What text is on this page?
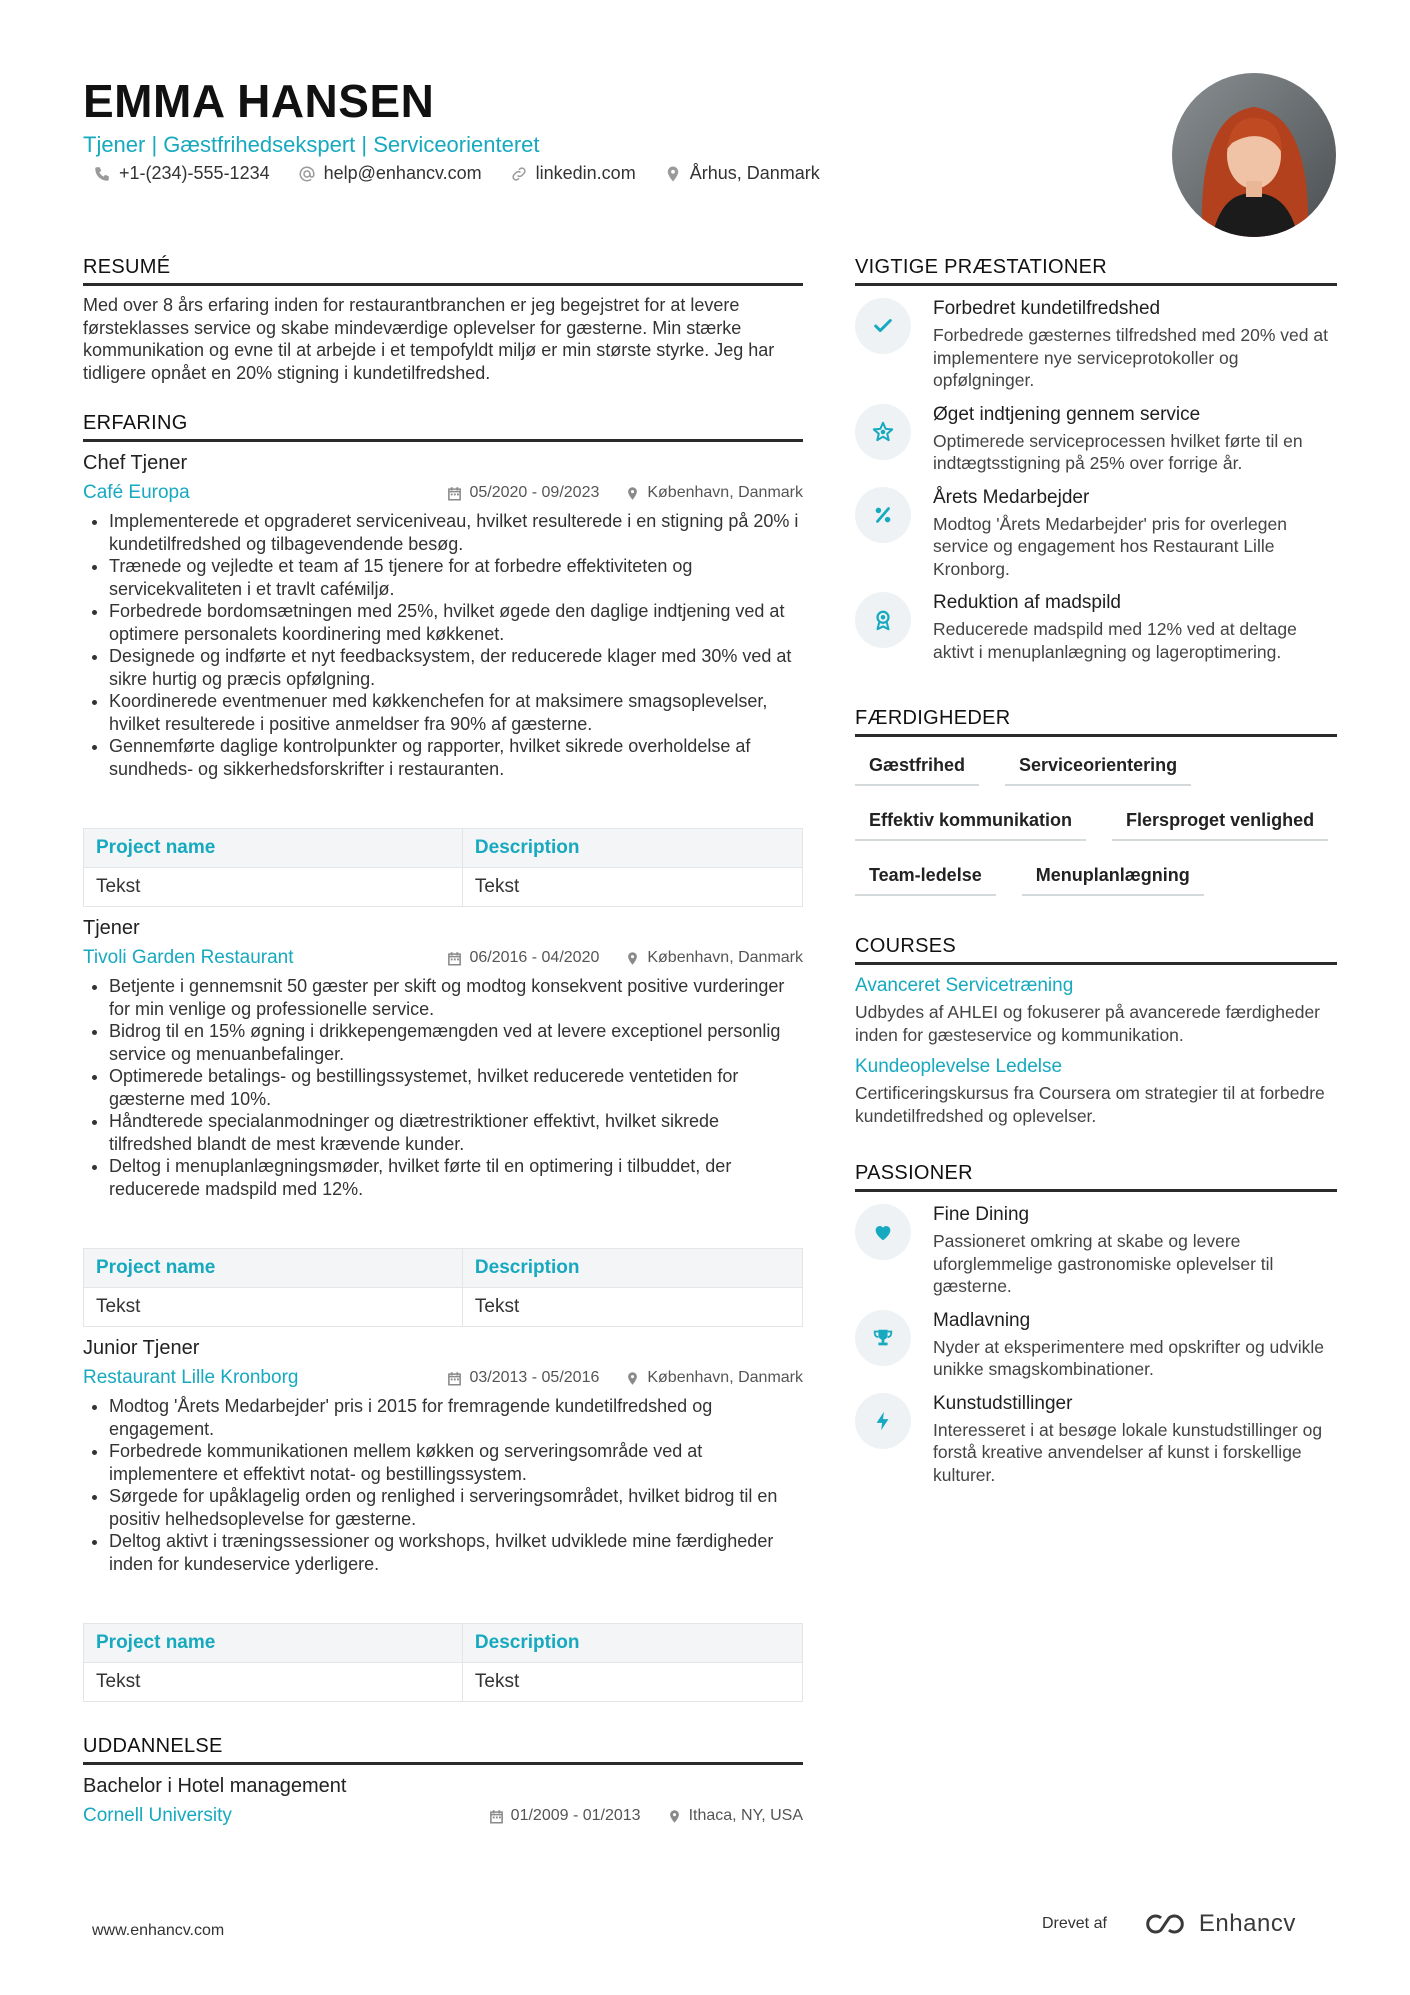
EMMA HANSEN
Tjener | Gæstfrihedsekspert | Serviceorienteret
+1-(234)-555-1234	help@enhancv.com	linkedin.com	Århus, Danmark
RESUMÉ
Med over 8 års erfaring inden for restaurantbranchen er jeg begejstret for at levere førsteklasses service og skabe mindeværdige oplevelser for gæsterne. Min stærke kommunikation og evne til at arbejde i et tempofyldt miljø er min største styrke. Jeg har tidligere opnået en 20% stigning i kundetilfredshed.
ERFARING
Chef Tjener
Café Europa	05/2020 - 09/2023	København, Danmark
• Implementerede et opgraderet serviceniveau, hvilket resulterede i en stigning på 20% i kundetilfredshed og tilbagevendende besøg.
• Trænede og vejledte et team af 15 tjenere for at forbedre effektiviteten og servicekvaliteten i et travlt caféмiljø.
• Forbedrede bordomsætningen med 25%, hvilket øgede den daglige indtjening ved at optimere personalets koordinering med køkkenet.
• Designede og indførte et nyt feedbacksystem, der reducerede klager med 30% ved at sikre hurtig og præcis opfølgning.
• Koordinerede eventmenuer med køkkenchefen for at maksimere smagsoplevelser, hvilket resulterede i positive anmeldser fra 90% af gæsterne.
• Gennemførte daglige kontrolpunkter og rapporter, hvilket sikrede overholdelse af sundheds- og sikkerhedsforskrifter i restauranten.
Project name	Description
Tekst	Tekst
Tjener
Tivoli Garden Restaurant	06/2016 - 04/2020	København, Danmark
• Betjente i gennemsnit 50 gæster per skift og modtog konsekvent positive vurderinger for min venlige og professionelle service.
• Bidrog til en 15% øgning i drikkepengemængden ved at levere exceptionel personlig service og menuanbefalinger.
• Optimerede betalings- og bestillingssystemet, hvilket reducerede ventetiden for gæsterne med 10%.
• Håndterede specialanmodninger og diætrestriktioner effektivt, hvilket sikrede tilfredshed blandt de mest krævende kunder.
• Deltog i menuplanlægningsmøder, hvilket førte til en optimering i tilbuddet, der reducerede madspild med 12%.
Project name	Description
Tekst	Tekst
Junior Tjener
Restaurant Lille Kronborg	03/2013 - 05/2016	København, Danmark
• Modtog 'Årets Medarbejder' pris i 2015 for fremragende kundetilfredshed og engagement.
• Forbedrede kommunikationen mellem køkken og serveringsområde ved at implementere et effektivt notat- og bestillingssystem.
• Sørgede for upåklagelig orden og renlighed i serveringsområdet, hvilket bidrog til en positiv helhedsoplevelse for gæsterne.
• Deltog aktivt i træningssessioner og workshops, hvilket udviklede mine færdigheder inden for kundeservice yderligere.
Project name	Description
Tekst	Tekst
UDDANNELSE
Bachelor i Hotel management
Cornell University	01/2009 - 01/2013	Ithaca, NY, USA
VIGTIGE PRÆSTATIONER
Forbedret kundetilfredshed
Forbedrede gæsternes tilfredshed med 20% ved at implementere nye serviceprotokoller og opfølgninger.
Øget indtjening gennem service
Optimerede serviceprocessen hvilket førte til en indtægtsstigning på 25% over forrige år.
Årets Medarbejder
Modtog 'Årets Medarbejder' pris for overlegen service og engagement hos Restaurant Lille Kronborg.
Reduktion af madspild
Reducerede madspild med 12% ved at deltage aktivt i menuplanlægning og lageroptimering.
FÆRDIGHEDER
Gæstfrihed	Serviceorientering
Effektiv kommunikation	Flersproget venlighed
Team-ledelse	Menuplanlægning
COURSES
Avanceret Servicetræning
Udbydes af AHLEI og fokuserer på avancerede færdigheder inden for gæsteservice og kommunikation.
Kundeoplevelse Ledelse
Certificeringskursus fra Coursera om strategier til at forbedre kundetilfredshed og oplevelser.
PASSIONER
Fine Dining
Passioneret omkring at skabe og levere uforglemmelige gastronomiske oplevelser til gæsterne.
Madlavning
Nyder at eksperimentere med opskrifter og udvikle unikke smagskombinationer.
Kunstudstillinger
Interesseret i at besøge lokale kunstudstillinger og forstå kreative anvendelser af kunst i forskellige kulturer.
www.enhancv.com	Drevet af	Enhancv
